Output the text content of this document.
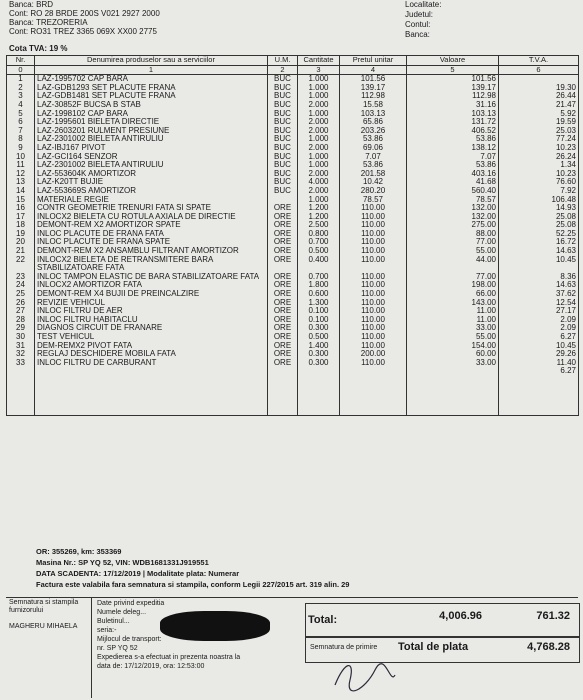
Banca: BRD
Cont: RO 28 BRDE 200S V021 2927 2000
Banca: TREZORERIA
Cont: RO31 TREZ 3365 069X XX00 2775
Localitate:
Judetul:
Contul:
Banca:
Cota TVA: 19 %
Nr.	Denumirea produselor sau a serviciilor	U.M.	Cantitate	Pretul unitar	Valoare	T.V.A.
0	1	2	3	4	5	6
1	LAZ-1995702 CAP BARA	BUC	1.000	101.56	101.56	
2	LAZ-GDB1293 SET PLACUTE FRANA	BUC	1.000	139.17	139.17	19.30
3	LAZ-GDB1481 SET PLACUTE FRANA	BUC	1.000	112.98	112.98	26.44
4	LAZ-30852F BUCSA B STAB	BUC	2.000	15.58	31.16	21.47
5	LAZ-1998102 CAP BARA	BUC	1.000	103.13	103.13	5.92
6	LAZ-1995601 BIELETA DIRECTIE	BUC	2.000	65.86	131.72	19.59
7	LAZ-2603201 RULMENT PRESIUNE	BUC	2.000	203.26	406.52	25.03
8	LAZ-2301002 BIELETA ANTIRULIU	BUC	1.000	53.86	53.86	77.24
9	LAZ-IBJ167 PIVOT	BUC	2.000	69.06	138.12	10.23
10	LAZ-GCI164 SENZOR	BUC	1.000	7.07	7.07	26.24
11	LAZ-2301002 BIELETA ANTIRULIU	BUC	1.000	53.86	53.86	1.34
12	LAZ-553604K AMORTIZOR	BUC	2.000	201.58	403.16	10.23
13	LAZ-K20TT BUJIE	BUC	4.000	10.42	41.68	76.60
14	LAZ-553669S AMORTIZOR	BUC	2.000	280.20	560.40	7.92
15	MATERIALE REGIE		1.000	78.57	78.57	106.48
16	CONTR GEOMETRIE TRENURI FATA SI SPATE	ORE	1.200	110.00	132.00	14.93
17	INLOCX2 BIELETA CU ROTULA AXIALA DE DIRECTIE	ORE	1.200	110.00	132.00	25.08
18	DEMONT-REM X2 AMORTIZOR SPATE	ORE	2.500	110.00	275.00	25.08
19	INLOC PLACUTE DE FRANA FATA	ORE	0.800	110.00	88.00	52.25
20	INLOC PLACUTE DE FRANA SPATE	ORE	0.700	110.00	77.00	16.72
21	DEMONT-REM X2 ANSAMBLU FILTRANT AMORTIZOR	ORE	0.500	110.00	55.00	14.63
22	INLOCX2 BIELETA DE RETRANSMITERE BARA STABILIZATOARE FATA	ORE	0.400	110.00	44.00	10.45
23	INLOC TAMPON ELASTIC DE BARA STABILIZATOARE FATA	ORE	0.700	110.00	77.00	8.36
24	INLOCX2 AMORTIZOR FATA	ORE	1.800	110.00	198.00	14.63
25	DEMONT-REM X4 BUJII DE PREINCALZIRE	ORE	0.600	110.00	66.00	37.62
26	REVIZIE VEHICUL	ORE	1.300	110.00	143.00	12.54
27	INLOC FILTRU DE AER	ORE	0.100	110.00	11.00	27.17
28	INLOC FILTRU HABITACLU	ORE	0.100	110.00	11.00	2.09
29	DIAGNOS CIRCUIT DE FRANARE	ORE	0.300	110.00	33.00	2.09
30	TEST VEHICUL	ORE	0.500	110.00	55.00	6.27
31	DEM-REMX2 PIVOT FATA	ORE	1.400	110.00	154.00	10.45
32	REGLAJ DESCHIDERE MOBILA FATA	ORE	0.300	200.00	60.00	29.26
33	INLOC FILTRU DE CARBURANT	ORE	0.300	110.00	33.00	11.40
						6.27
OR: 355269, km: 353369
Masina Nr.: SP YQ 52, VIN: WDB1681331J919551
DATA SCADENTA: 17/12/2019 | Modalitate plata: Numerar
Factura este valabila fara semnatura si stampila, conform Legii 227/2015 art. 319 alin. 29
Semnatura si stampila
furnizorului
MAGHERU MIHAELA
Date privind expeditia
Numele deleg...
Buletinul...
seria:-
Mijlocul de transport:
nr. SP YQ 52
Expedierea s-a efectuat in prezenta noastra la
data de: 17/12/2019, ora: 12:53:00
Total:	4,006.96	761.32
Semnatura de primire Total de plata	4,768.28
